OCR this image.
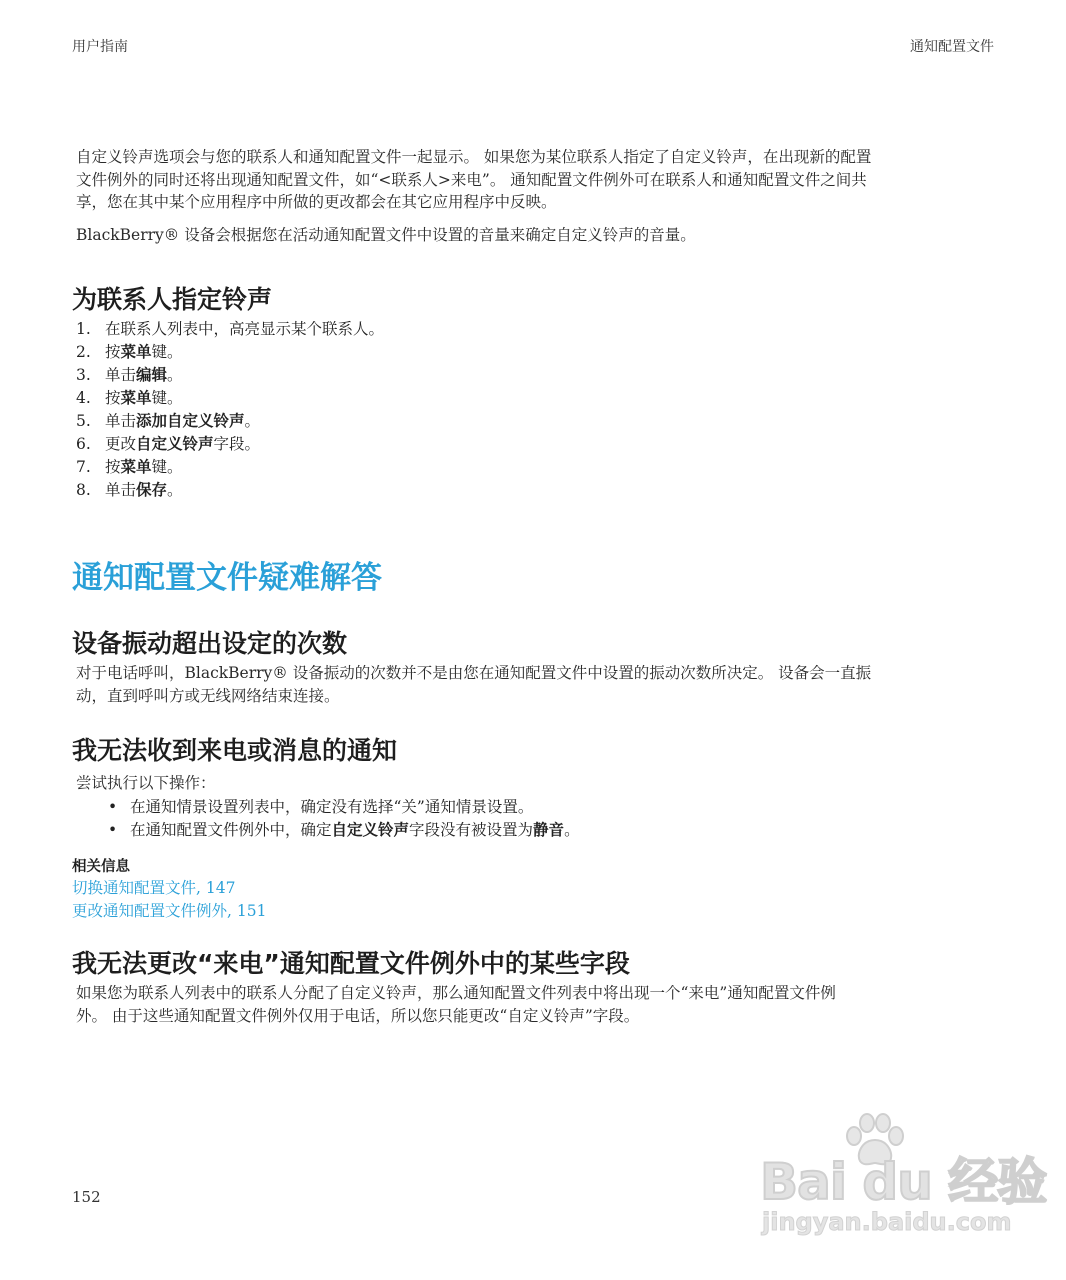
用户指南	通知配置文件
自定义铃声选项会与您的联系人和通知配置文件一起显示。 如果您为某位联系人指定了自定义铃声，在出现新的配置
文件例外的同时还将出现通知配置文件，如“<联系人>来电”。 通知配置文件例外可在联系人和通知配置文件之间共
享，您在其中某个应用程序中所做的更改都会在其它应用程序中反映。
BlackBerry® 设备会根据您在活动通知配置文件中设置的音量来确定自定义铃声的音量。
为联系人指定铃声
1. 在联系人列表中，高亮显示某个联系人。
2. 按菜单键。
3. 单击编辑。
4. 按菜单键。
5. 单击添加自定义铃声。
6. 更改自定义铃声字段。
7. 按菜单键。
8. 单击保存。
通知配置文件疑难解答
设备振动超出设定的次数
对于电话呼叫，BlackBerry® 设备振动的次数并不是由您在通知配置文件中设置的振动次数所决定。 设备会一直振
动，直到呼叫方或无线网络结束连接。
我无法收到来电或消息的通知
尝试执行以下操作：
• 在通知情景设置列表中，确定没有选择“关”通知情景设置。
• 在通知配置文件例外中，确定自定义铃声字段没有被设置为静音。
相关信息
切换通知配置文件, 147
更改通知配置文件例外, 151
我无法更改“来电”通知配置文件例外中的某些字段
如果您为联系人列表中的联系人分配了自定义铃声，那么通知配置文件列表中将出现一个“来电”通知配置文件例
外。 由于这些通知配置文件例外仅用于电话，所以您只能更改“自定义铃声”字段。
152	Bai du 经验
jingyan.baidu.com
